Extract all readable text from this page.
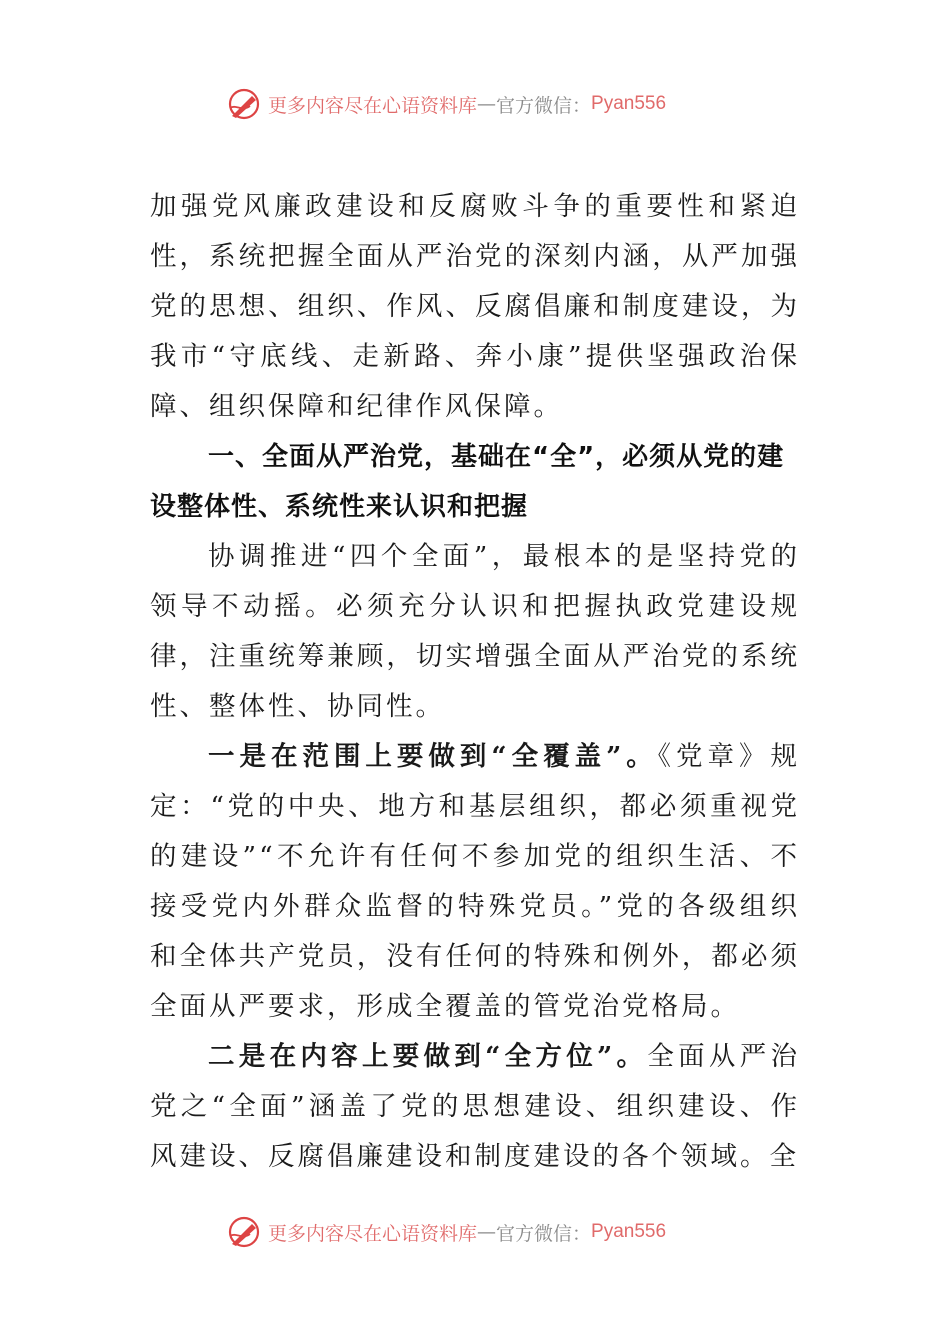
更多内容尽在心语资料库 — 官方微信： Pyan556

加强党风廉政建设和反腐败斗争的重要性和紧迫性，系统把握全面从严治党的深刻内涵，从严加强党的思想、组织、作风、反腐倡廉和制度建设，为我市“守底线、走新路、奔小康”提供坚强政治保障、组织保障和纪律作风保障。

一、全面从严治党，基础在“全”，必须从党的建设整体性、系统性来认识和把握

协调推进“四个全面”，最根本的是坚持党的领导不动摇。必须充分认识和把握执政党建设规律，注重统筹兼顾，切实增强全面从严治党的系统性、整体性、协同性。

一是在范围上要做到“全覆盖”。《党章》规定：“党的中央、地方和基层组织，都必须重视党的建设”“不允许有任何不参加党的组织生活、不接受党内外群众监督的特殊党员。”党的各级组织和全体共产党员，没有任何的特殊和例外，都必须全面从严要求，形成全覆盖的管党治党格局。

二是在内容上要做到“全方位”。全面从严治党之“全面”涵盖了党的思想建设、组织建设、作风建设、反腐倡廉建设和制度建设的各个领域。全

更多内容尽在心语资料库 — 官方微信： Pyan556
